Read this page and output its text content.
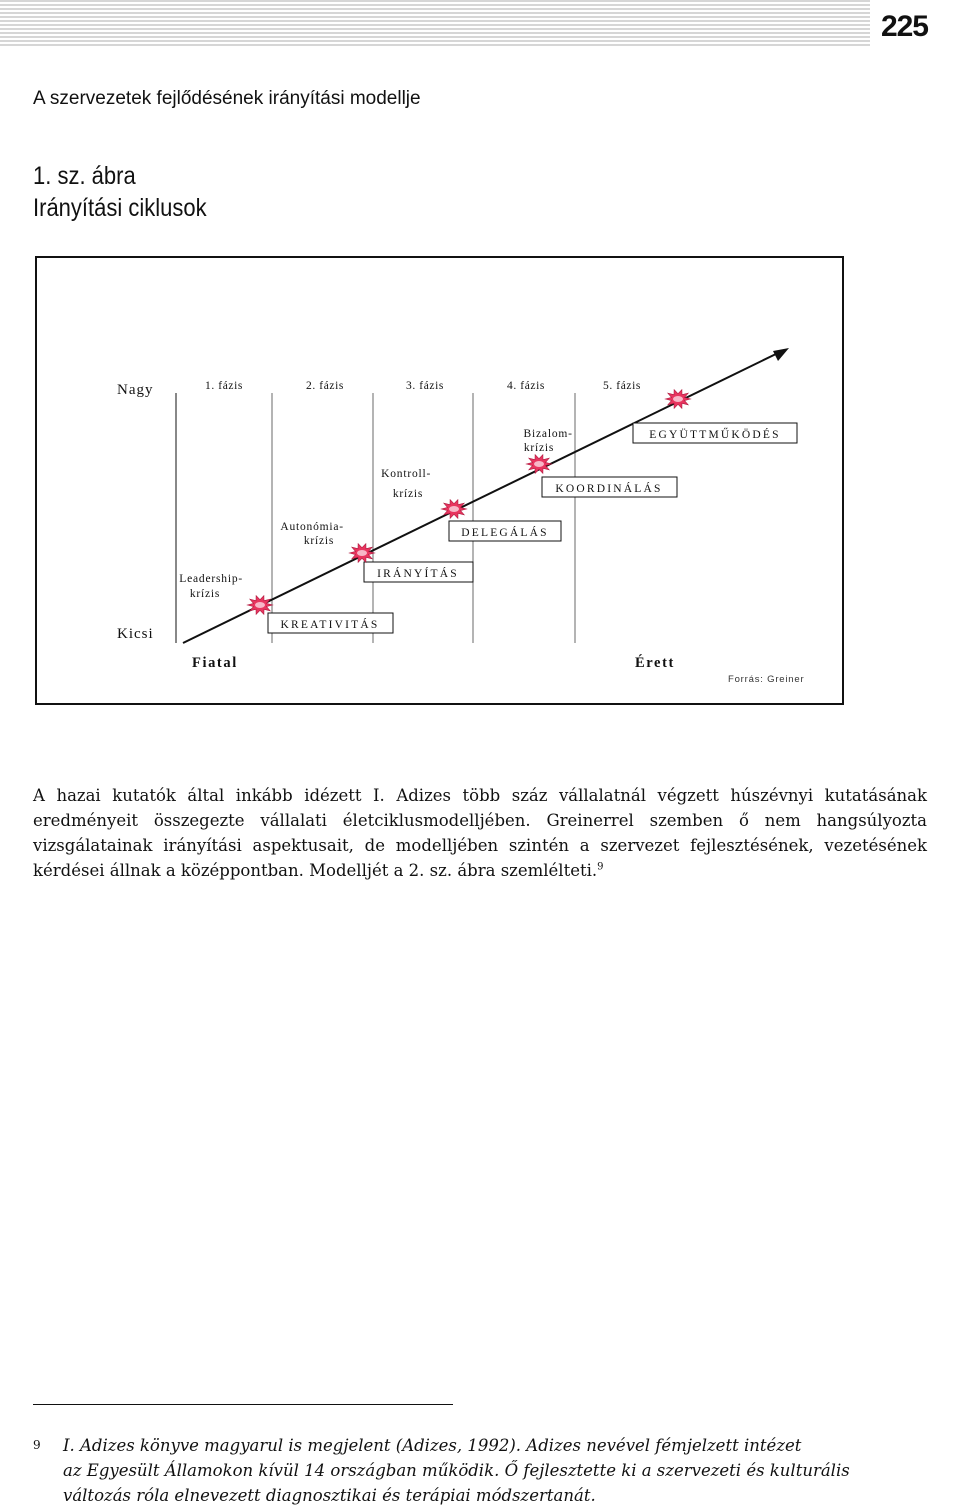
225
A szervezetek fejlődésének irányítási modellje
1. sz. ábra
Irányítási ciklusok
Nagy
Kicsi
Fiatal	Érett
Forrás: Greiner
1. fázis	2. fázis	3. fázis	4. fázis	5. fázis
KREATIVITÁS
IRÁNYÍTÁS
DELEGÁLÁS
KOORDINÁLÁS
EGYÜTTMŰKÖDÉS
Leadership- krízis
Autonómia- krízis
Kontroll- krízis
Bizalom- krízis
A hazai kutatók által inkább idézett I. Adizes több száz vállalatnál végzett húszévnyi kutatásának eredményeit összegezte vállalati életciklusmodelljében. Greinerrel szemben ő nem hangsúlyozta vizsgálatainak irányítási aspektusait, de modelljében szintén a szervezet fejlesztésének, vezetésének kérdései állnak a középpontban. Modelljét a 2. sz. ábra szemlélteti.$^9$
9 I. Adizes könyve magyarul is megjelent (Adizes, 1992). Adizes nevével fémjelzett intézet
az Egyesült Államokon kívül 14 országban működik. Ő fejlesztette ki a szervezeti és kulturális
változás róla elnevezett diagnosztikai és terápiai módszertanát.
